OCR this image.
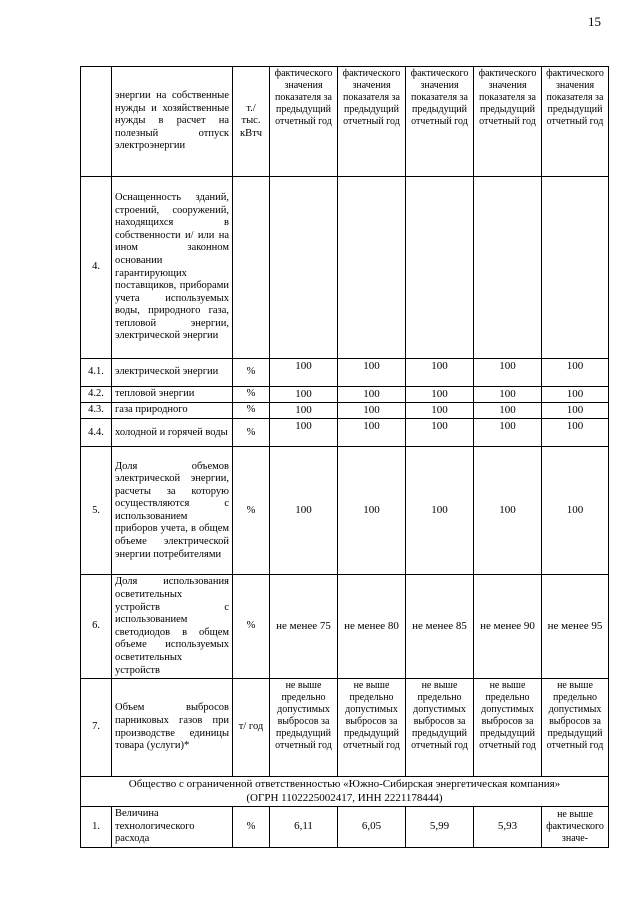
15
	энергии на собственные нужды и хозяйственные нужды в расчет на полезный отпуск электроэнергии	т./ тыс. кВтч	фактического значения показателя за предыдущий отчетный год	фактического значения показателя за предыдущий отчетный год	фактического значения показателя за предыдущий отчетный год	фактического значения показателя за предыдущий отчетный год	фактического значения показателя за предыдущий отчетный год
4.	Оснащенность зданий, строений, сооружений, находящихся в собственности и/ или на ином законном основании гарантирующих поставщиков, приборами учета используемых воды, природного газа, тепловой энергии, электрической энергии						
4.1.	электрической энергии	%	100	100	100	100	100
4.2.	тепловой энергии	%	100	100	100	100	100
4.3.	газа природного	%	100	100	100	100	100
4.4.	холодной и горячей воды	%	100	100	100	100	100
5.	Доля объемов электрической энергии, расчеты за которую осуществляются с использованием приборов учета, в общем объеме электрической энергии потребителями	%	100	100	100	100	100
6.	Доля использования осветительных устройств с использованием светодиодов в общем объеме используемых осветительных устройств	%	не менее 75	не менее 80	не менее 85	не менее 90	не менее 95
7.	Объем выбросов парниковых газов при производстве единицы товара (услуги)*	т/ год	не выше предельно допустимых выбросов за предыдущий отчетный год	не выше предельно допустимых выбросов за предыдущий отчетный год	не выше предельно допустимых выбросов за предыдущий отчетный год	не выше предельно допустимых выбросов за предыдущий отчетный год	не выше предельно допустимых выбросов за предыдущий отчетный год

Общество с ограниченной ответственностью «Южно-Сибирская энергетическая компания»
(ОГРН 1102225002417, ИНН 2221178444)							

1.	Величина технологического расхода	%	6,11	6,05	5,99	5,93	не выше фактического значе-
